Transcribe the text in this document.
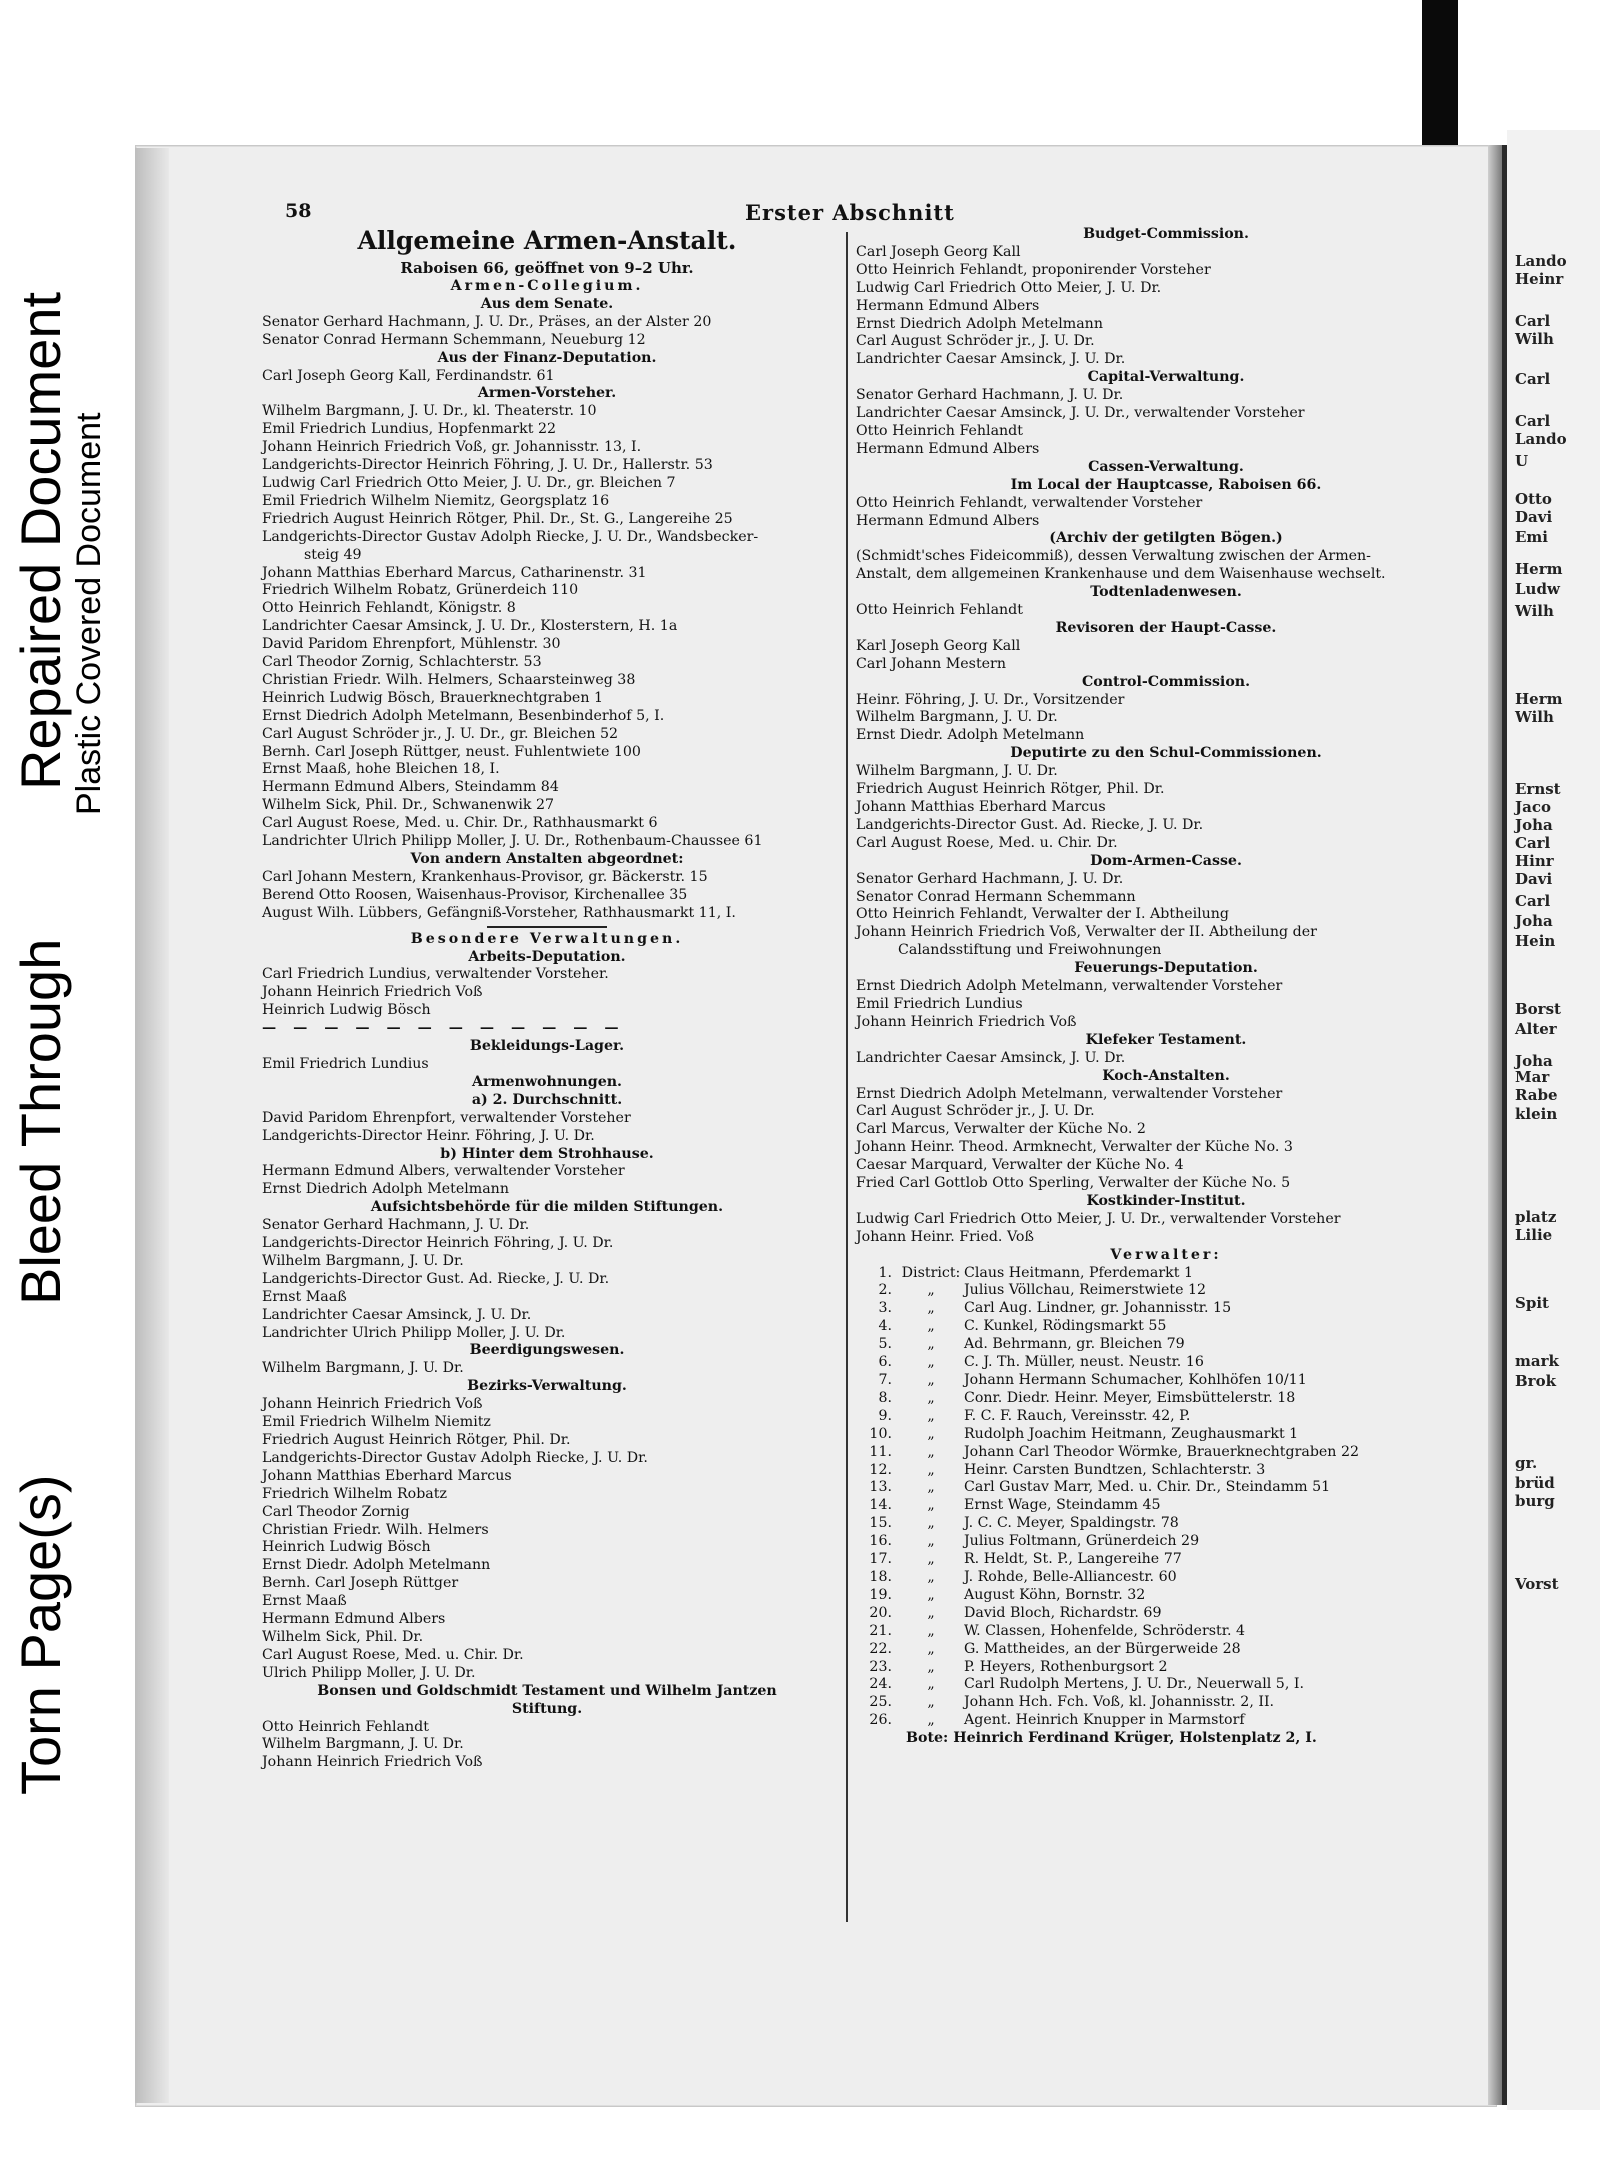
Torn Page(s)
Bleed Through
Repaired Document
Plastic Covered Document
Lando
Heinr
Carl
Wilh
Carl
Carl
Lando
U
Otto
Davi
Emi
Herm
Ludw
Wilh
Herm
Wilh
Ernst
Jaco
Joha
Carl
Hinr
Davi
Carl
Joha
Hein
Borst
Alter
Joha
Mar
Rabe
klein
platz
Lilie
Spit
mark
Brok
gr.
brüd
burg
Vorst
58	Erster Abschnitt
Allgemeine Armen-Anstalt.
Raboisen 66, geöffnet von 9–2 Uhr.
Armen-Collegium.
Aus dem Senate.
Senator Gerhard Hachmann, J. U. Dr., Präses, an der Alster 20
Senator Conrad Hermann Schemmann, Neueburg 12
Aus der Finanz-Deputation.
Carl Joseph Georg Kall, Ferdinandstr. 61
Armen-Vorsteher.
Wilhelm Bargmann, J. U. Dr., kl. Theaterstr. 10
Emil Friedrich Lundius, Hopfenmarkt 22
Johann Heinrich Friedrich Voß, gr. Johannisstr. 13, I.
Landgerichts-Director Heinrich Föhring, J. U. Dr., Hallerstr. 53
Ludwig Carl Friedrich Otto Meier, J. U. Dr., gr. Bleichen 7
Emil Friedrich Wilhelm Niemitz, Georgsplatz 16
Friedrich August Heinrich Rötger, Phil. Dr., St. G., Langereihe 25
Landgerichts-Director Gustav Adolph Riecke, J. U. Dr., Wandsbecker-
steig 49
Johann Matthias Eberhard Marcus, Catharinenstr. 31
Friedrich Wilhelm Robatz, Grünerdeich 110
Otto Heinrich Fehlandt, Königstr. 8
Landrichter Caesar Amsinck, J. U. Dr., Klosterstern, H. 1a
David Paridom Ehrenpfort, Mühlenstr. 30
Carl Theodor Zornig, Schlachterstr. 53
Christian Friedr. Wilh. Helmers, Schaarsteinweg 38
Heinrich Ludwig Bösch, Brauerknechtgraben 1
Ernst Diedrich Adolph Metelmann, Besenbinderhof 5, I.
Carl August Schröder jr., J. U. Dr., gr. Bleichen 52
Bernh. Carl Joseph Rüttger, neust. Fuhlentwiete 100
Ernst Maaß, hohe Bleichen 18, I.
Hermann Edmund Albers, Steindamm 84
Wilhelm Sick, Phil. Dr., Schwanenwik 27
Carl August Roese, Med. u. Chir. Dr., Rathhausmarkt 6
Landrichter Ulrich Philipp Moller, J. U. Dr., Rothenbaum-Chaussee 61
Von andern Anstalten abgeordnet:
Carl Johann Mestern, Krankenhaus-Provisor, gr. Bäckerstr. 15
Berend Otto Roosen, Waisenhaus-Provisor, Kirchenallee 35
August Wilh. Lübbers, Gefängniß-Vorsteher, Rathhausmarkt 11, I.
Besondere Verwaltungen.
Arbeits-Deputation.
Carl Friedrich Lundius, verwaltender Vorsteher.
Johann Heinrich Friedrich Voß
Heinrich Ludwig Bösch
— — — — — — — — — — — —
Bekleidungs-Lager.
Emil Friedrich Lundius
Armenwohnungen.
a) 2. Durchschnitt.
David Paridom Ehrenpfort, verwaltender Vorsteher
Landgerichts-Director Heinr. Föhring, J. U. Dr.
b) Hinter dem Strohhause.
Hermann Edmund Albers, verwaltender Vorsteher
Ernst Diedrich Adolph Metelmann
Aufsichtsbehörde für die milden Stiftungen.
Senator Gerhard Hachmann, J. U. Dr.
Landgerichts-Director Heinrich Föhring, J. U. Dr.
Wilhelm Bargmann, J. U. Dr.
Landgerichts-Director Gust. Ad. Riecke, J. U. Dr.
Ernst Maaß
Landrichter Caesar Amsinck, J. U. Dr.
Landrichter Ulrich Philipp Moller, J. U. Dr.
Beerdigungswesen.
Wilhelm Bargmann, J. U. Dr.
Bezirks-Verwaltung.
Johann Heinrich Friedrich Voß
Emil Friedrich Wilhelm Niemitz
Friedrich August Heinrich Rötger, Phil. Dr.
Landgerichts-Director Gustav Adolph Riecke, J. U. Dr.
Johann Matthias Eberhard Marcus
Friedrich Wilhelm Robatz
Carl Theodor Zornig
Christian Friedr. Wilh. Helmers
Heinrich Ludwig Bösch
Ernst Diedr. Adolph Metelmann
Bernh. Carl Joseph Rüttger
Ernst Maaß
Hermann Edmund Albers
Wilhelm Sick, Phil. Dr.
Carl August Roese, Med. u. Chir. Dr.
Ulrich Philipp Moller, J. U. Dr.
Bonsen und Goldschmidt Testament und Wilhelm Jantzen
Stiftung.
Otto Heinrich Fehlandt
Wilhelm Bargmann, J. U. Dr.
Johann Heinrich Friedrich Voß
Budget-Commission.
Carl Joseph Georg Kall
Otto Heinrich Fehlandt, proponirender Vorsteher
Ludwig Carl Friedrich Otto Meier, J. U. Dr.
Hermann Edmund Albers
Ernst Diedrich Adolph Metelmann
Carl August Schröder jr., J. U. Dr.
Landrichter Caesar Amsinck, J. U. Dr.
Capital-Verwaltung.
Senator Gerhard Hachmann, J. U. Dr.
Landrichter Caesar Amsinck, J. U. Dr., verwaltender Vorsteher
Otto Heinrich Fehlandt
Hermann Edmund Albers
Cassen-Verwaltung.
Im Local der Hauptcasse, Raboisen 66.
Otto Heinrich Fehlandt, verwaltender Vorsteher
Hermann Edmund Albers
(Archiv der getilgten Bögen.)
(Schmidt'sches Fideicommiß), dessen Verwaltung zwischen der Armen-
Anstalt, dem allgemeinen Krankenhause und dem Waisenhause wechselt.
Todtenladenwesen.
Otto Heinrich Fehlandt
Revisoren der Haupt-Casse.
Karl Joseph Georg Kall
Carl Johann Mestern
Control-Commission.
Heinr. Föhring, J. U. Dr., Vorsitzender
Wilhelm Bargmann, J. U. Dr.
Ernst Diedr. Adolph Metelmann
Deputirte zu den Schul-Commissionen.
Wilhelm Bargmann, J. U. Dr.
Friedrich August Heinrich Rötger, Phil. Dr.
Johann Matthias Eberhard Marcus
Landgerichts-Director Gust. Ad. Riecke, J. U. Dr.
Carl August Roese, Med. u. Chir. Dr.
Dom-Armen-Casse.
Senator Gerhard Hachmann, J. U. Dr.
Senator Conrad Hermann Schemmann
Otto Heinrich Fehlandt, Verwalter der I. Abtheilung
Johann Heinrich Friedrich Voß, Verwalter der II. Abtheilung der
Calandsstiftung und Freiwohnungen
Feuerungs-Deputation.
Ernst Diedrich Adolph Metelmann, verwaltender Vorsteher
Emil Friedrich Lundius
Johann Heinrich Friedrich Voß
Klefeker Testament.
Landrichter Caesar Amsinck, J. U. Dr.
Koch-Anstalten.
Ernst Diedrich Adolph Metelmann, verwaltender Vorsteher
Carl August Schröder jr., J. U. Dr.
Carl Marcus, Verwalter der Küche No. 2
Johann Heinr. Theod. Armknecht, Verwalter der Küche No. 3
Caesar Marquard, Verwalter der Küche No. 4
Fried Carl Gottlob Otto Sperling, Verwalter der Küche No. 5
Kostkinder-Institut.
Ludwig Carl Friedrich Otto Meier, J. U. Dr., verwaltender Vorsteher
Johann Heinr. Fried. Voß
Verwalter:
1. District: Claus Heitmann, Pferdemarkt 1
2.	„	Julius Völlchau, Reimerstwiete 12
3.	„	Carl Aug. Lindner, gr. Johannisstr. 15
4.	„	C. Kunkel, Rödingsmarkt 55
5.	„	Ad. Behrmann, gr. Bleichen 79
6.	„	C. J. Th. Müller, neust. Neustr. 16
7.	„	Johann Hermann Schumacher, Kohlhöfen 10/11
8.	„	Conr. Diedr. Heinr. Meyer, Eimsbüttelerstr. 18
9.	„	F. C. F. Rauch, Vereinsstr. 42, P.
10.	„	Rudolph Joachim Heitmann, Zeughausmarkt 1
11.	„	Johann Carl Theodor Wörmke, Brauerknechtgraben 22
12.	„	Heinr. Carsten Bundtzen, Schlachterstr. 3
13.	„	Carl Gustav Marr, Med. u. Chir. Dr., Steindamm 51
14.	„	Ernst Wage, Steindamm 45
15.	„	J. C. C. Meyer, Spaldingstr. 78
16.	„	Julius Foltmann, Grünerdeich 29
17.	„	R. Heldt, St. P., Langereihe 77
18.	„	J. Rohde, Belle-Alliancestr. 60
19.	„	August Köhn, Bornstr. 32
20.	„	David Bloch, Richardstr. 69
21.	„	W. Classen, Hohenfelde, Schröderstr. 4
22.	„	G. Mattheides, an der Bürgerweide 28
23.	„	P. Heyers, Rothenburgsort 2
24.	„	Carl Rudolph Mertens, J. U. Dr., Neuerwall 5, I.
25.	„	Johann Hch. Fch. Voß, kl. Johannisstr. 2, II.
26.	„	Agent. Heinrich Knupper in Marmstorf
Bote: Heinrich Ferdinand Krüger, Holstenplatz 2, I.
